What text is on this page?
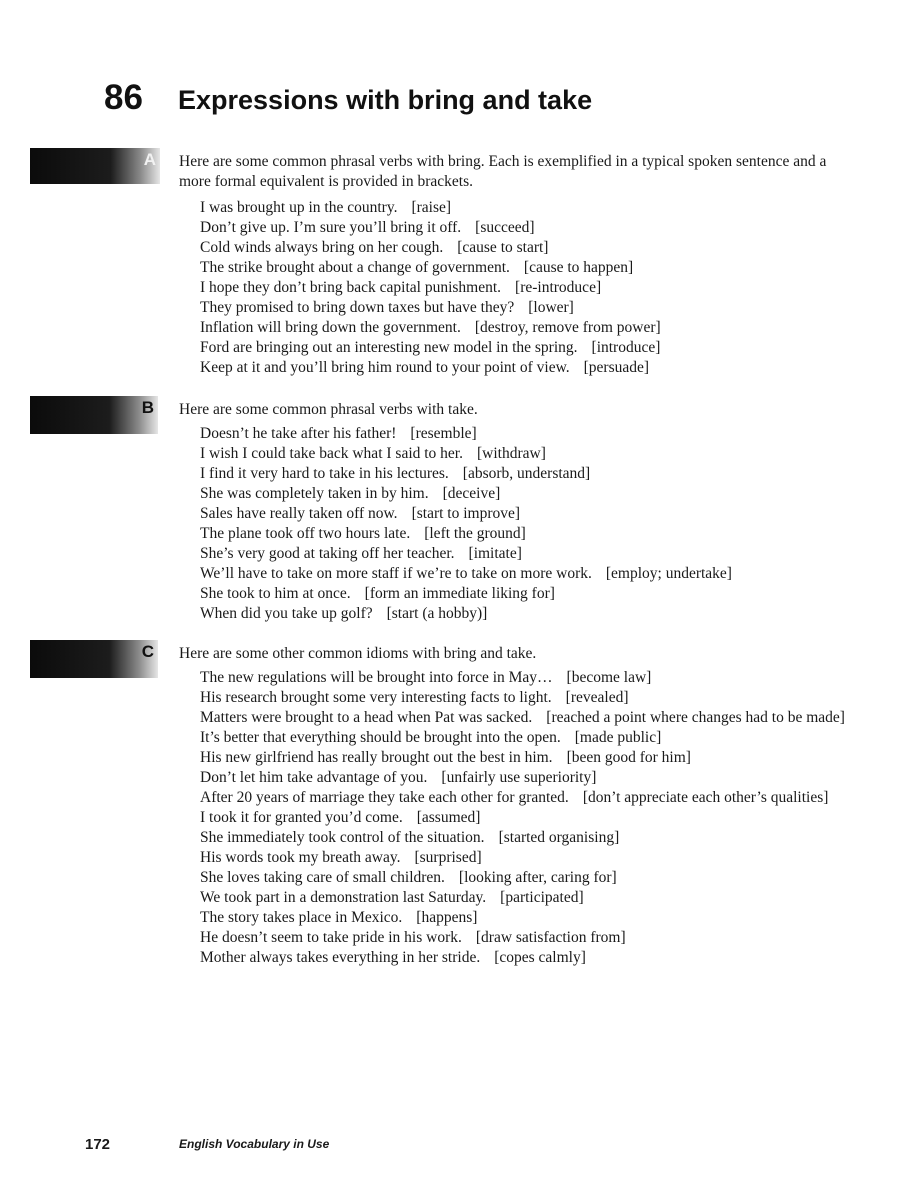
86 Expressions with bring and take
A Here are some common phrasal verbs with bring. Each is exemplified in a typical spoken sentence and a more formal equivalent is provided in brackets.

I was brought up in the country. [raise]
Don’t give up. I’m sure you’ll bring it off. [succeed]
Cold winds always bring on her cough. [cause to start]
The strike brought about a change of government. [cause to happen]
I hope they don’t bring back capital punishment. [re-introduce]
They promised to bring down taxes but have they? [lower]
Inflation will bring down the government. [destroy, remove from power]
Ford are bringing out an interesting new model in the spring. [introduce]
Keep at it and you’ll bring him round to your point of view. [persuade]
B Here are some common phrasal verbs with take.

Doesn’t he take after his father! [resemble]
I wish I could take back what I said to her. [withdraw]
I find it very hard to take in his lectures. [absorb, understand]
She was completely taken in by him. [deceive]
Sales have really taken off now. [start to improve]
The plane took off two hours late. [left the ground]
She’s very good at taking off her teacher. [imitate]
We’ll have to take on more staff if we’re to take on more work. [employ; undertake]
She took to him at once. [form an immediate liking for]
When did you take up golf? [start (a hobby)]
C Here are some other common idioms with bring and take.

The new regulations will be brought into force in May… [become law]
His research brought some very interesting facts to light. [revealed]
Matters were brought to a head when Pat was sacked. [reached a point where changes had to be made]
It’s better that everything should be brought into the open. [made public]
His new girlfriend has really brought out the best in him. [been good for him]
Don’t let him take advantage of you. [unfairly use superiority]
After 20 years of marriage they take each other for granted. [don’t appreciate each other’s qualities]
I took it for granted you’d come. [assumed]
She immediately took control of the situation. [started organising]
His words took my breath away. [surprised]
She loves taking care of small children. [looking after, caring for]
We took part in a demonstration last Saturday. [participated]
The story takes place in Mexico. [happens]
He doesn’t seem to take pride in his work. [draw satisfaction from]
Mother always takes everything in her stride. [copes calmly]
172	English Vocabulary in Use
